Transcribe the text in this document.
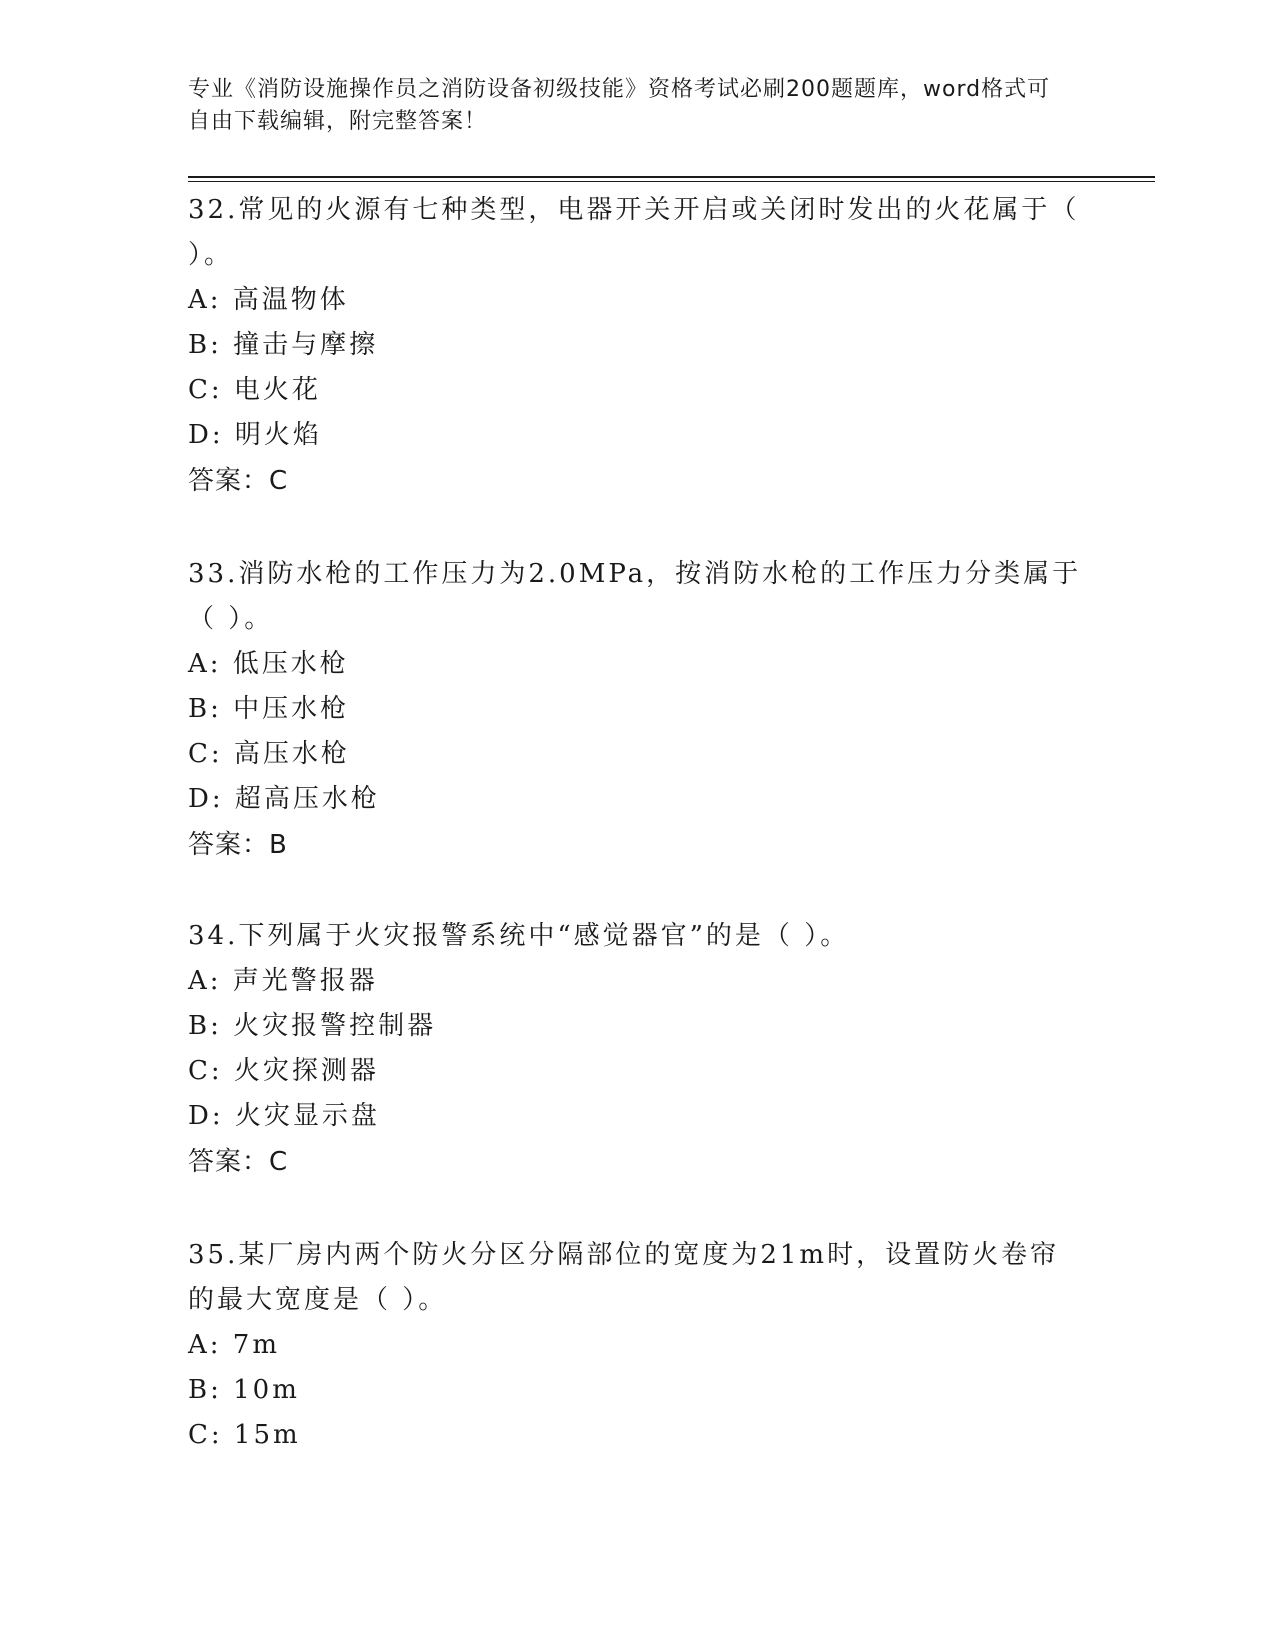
专业《消防设施操作员之消防设备初级技能》资格考试必刷200题题库，word格式可自由下载编辑，附完整答案！

32.常见的火源有七种类型，电器开关开启或关闭时发出的火花属于（ ）。

A: 高温物体

B: 撞击与摩擦

C: 电火花

D: 明火焰

答案：C

33.消防水枪的工作压力为2.0MPa，按消防水枪的工作压力分类属于（ ）。

A: 低压水枪

B: 中压水枪

C: 高压水枪

D: 超高压水枪

答案：B

34.下列属于火灾报警系统中“感觉器官”的是（ ）。

A: 声光警报器

B: 火灾报警控制器

C: 火灾探测器

D: 火灾显示盘

答案：C

35.某厂房内两个防火分区分隔部位的宽度为21m时，设置防火卷帘的最大宽度是（ ）。

A: 7m

B: 10m

C: 15m
